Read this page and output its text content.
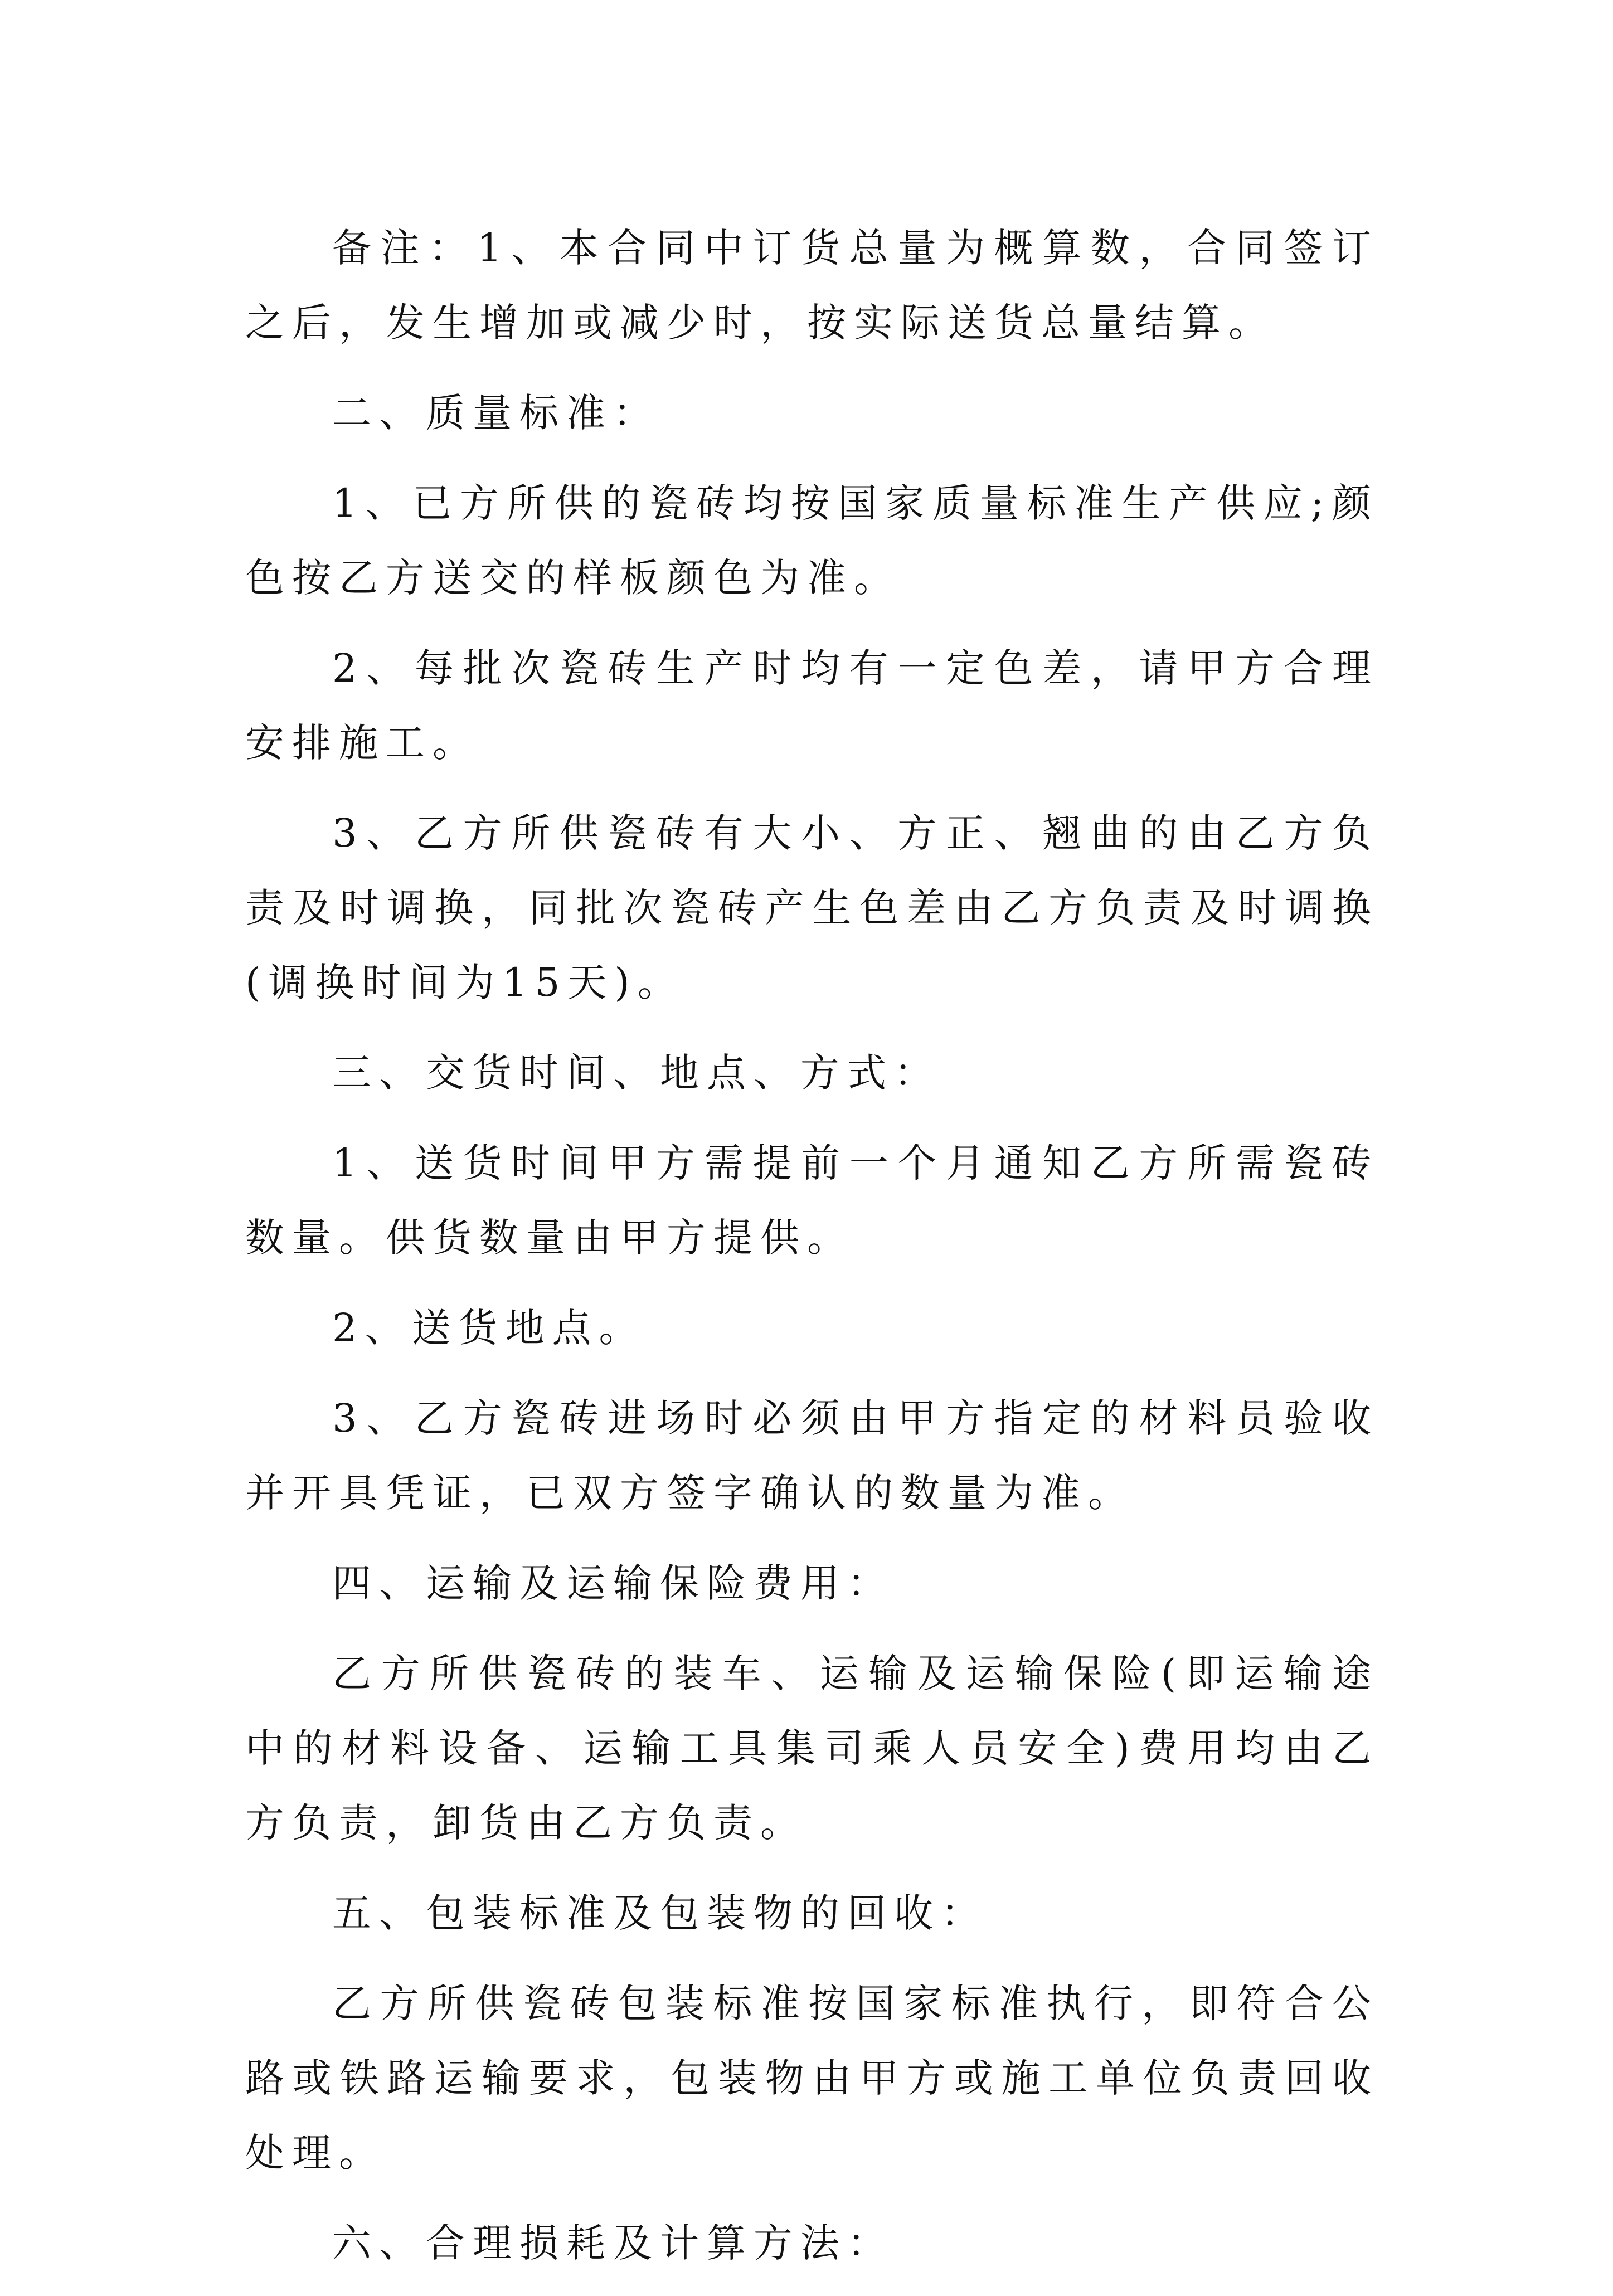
备注：1、本合同中订货总量为概算数，合同签订之后，发生增加或减少时，按实际送货总量结算。

二、质量标准：

1、已方所供的瓷砖均按国家质量标准生产供应;颜色按乙方送交的样板颜色为准。

2、每批次瓷砖生产时均有一定色差，请甲方合理安排施工。

3、乙方所供瓷砖有大小、方正、翘曲的由乙方负责及时调换，同批次瓷砖产生色差由乙方负责及时调换(调换时间为15天)。

三、交货时间、地点、方式：

1、送货时间甲方需提前一个月通知乙方所需瓷砖数量。供货数量由甲方提供。

2、送货地点。

3、乙方瓷砖进场时必须由甲方指定的材料员验收并开具凭证，已双方签字确认的数量为准。

四、运输及运输保险费用：

乙方所供瓷砖的装车、运输及运输保险(即运输途中的材料设备、运输工具集司乘人员安全)费用均由乙方负责，卸货由乙方负责。

五、包装标准及包装物的回收：

乙方所供瓷砖包装标准按国家标准执行，即符合公路或铁路运输要求，包装物由甲方或施工单位负责回收处理。

六、合理损耗及计算方法：
